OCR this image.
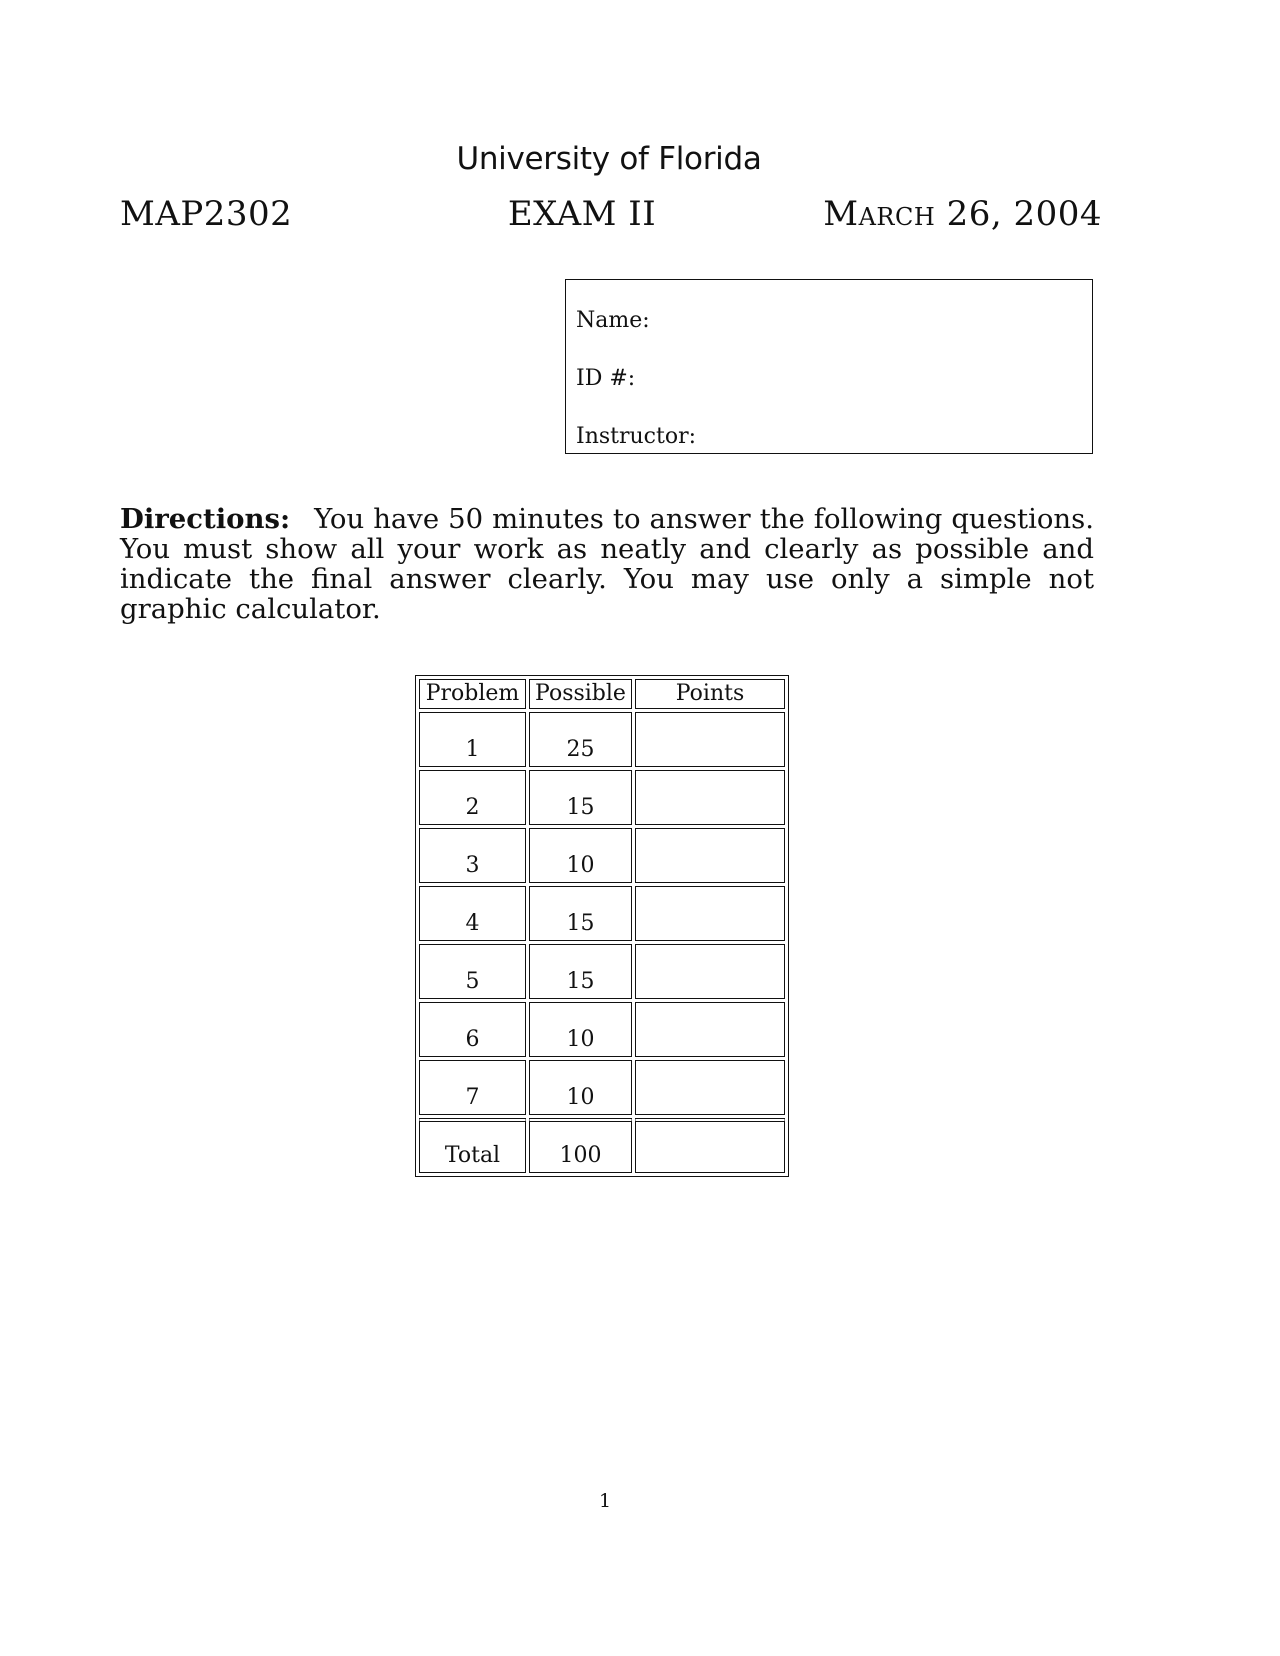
University of Florida
MAP2302	EXAM II	March 26, 2004
Name:
ID #:
Instructor:

Directions: You have 50 minutes to answer the following questions. You must show all your work as neatly and clearly as possible and indicate the final answer clearly. You may use only a simple not graphic calculator.

Problem	Possible	Points
1	25	
2	15	
3	10	
4	15	
5	15	
6	10	
7	10	
Total	100	
1
